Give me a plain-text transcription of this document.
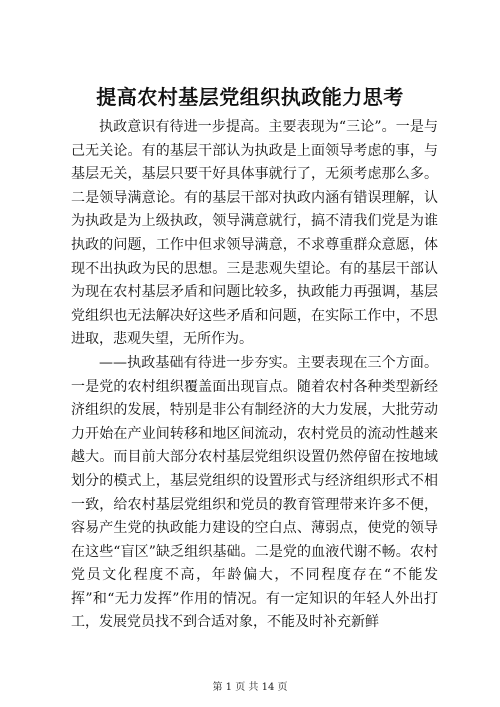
提高农村基层党组织执政能力思考

执政意识有待进一步提高。主要表现为“三论”。一是与己无关论。有的基层干部认为执政是上面领导考虑的事，与基层无关，基层只要干好具体事就行了，无须考虑那么多。二是领导满意论。有的基层干部对执政内涵有错误理解，认为执政是为上级执政，领导满意就行，搞不清我们党是为谁执政的问题，工作中但求领导满意，不求尊重群众意愿，体现不出执政为民的思想。三是悲观失望论。有的基层干部认为现在农村基层矛盾和问题比较多，执政能力再强调，基层党组织也无法解决好这些矛盾和问题，在实际工作中，不思进取，悲观失望，无所作为。

——执政基础有待进一步夯实。主要表现在三个方面。一是党的农村组织覆盖面出现盲点。随着农村各种类型新经济组织的发展，特别是非公有制经济的大力发展，大批劳动力开始在产业间转移和地区间流动，农村党员的流动性越来越大。而目前大部分农村基层党组织设置仍然停留在按地域划分的模式上，基层党组织的设置形式与经济组织形式不相一致，给农村基层党组织和党员的教育管理带来许多不便，容易产生党的执政能力建设的空白点、薄弱点，使党的领导在这些“盲区”缺乏组织基础。二是党的血液代谢不畅。农村党员文化程度不高，年龄偏大，不同程度存在“不能发挥”和“无力发挥”作用的情况。有一定知识的年轻人外出打工，发展党员找不到合适对象，不能及时补充新鲜

第 1 页 共 14 页
